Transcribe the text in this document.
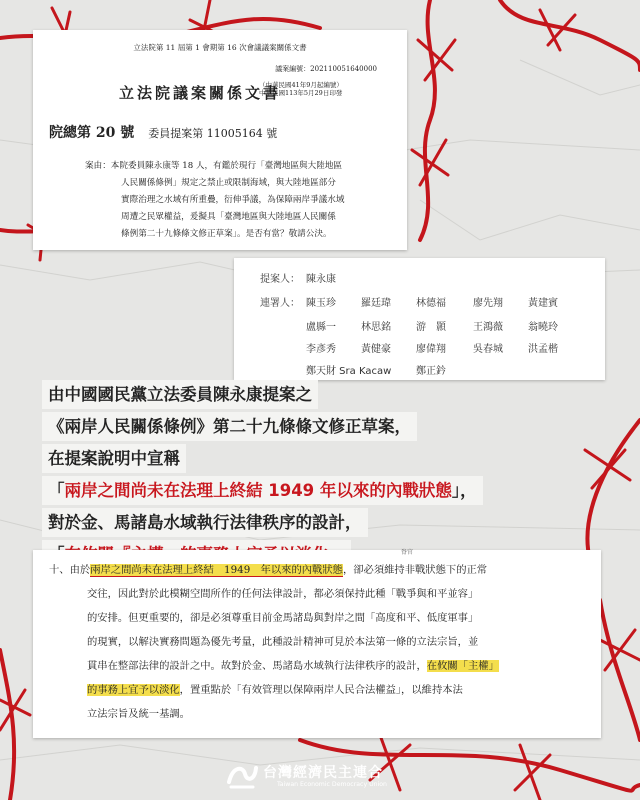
立法院第 11 屆第 1 會期第 16 次會議議案關係文書
議案編號：202110051640000
立法院議案關係文書
（中華民國41年9月起編號）
中華民國113年5月29日印發
院總第 20 號 委員提案第 11005164 號
案由：本院委員陳永康等 18 人，有鑑於現行「臺灣地區與大陸地區
人民關係條例」規定之禁止或限制海域，與大陸地區部分
實際治理之水域有所重疊，衍伸爭議，為保障兩岸爭議水域
周遭之民眾權益，爰擬具「臺灣地區與大陸地區人民關係
條例第二十九條條文修正草案」。是否有當？敬請公決。
提案人： 陳永康
連署人： 陳玉珍	羅廷瑋	林德福	廖先翔	黃建賓
盧縣一	林思銘	游　顥	王鴻薇	翁曉玲
李彥秀	黃健豪	廖偉翔	吳春城	洪孟楷
鄭天財 Sra Kacaw 鄭正鈐
由中國國民黨立法委員陳永康提案之
《兩岸人民關係條例》第二十九條條文修正草案，
在提案說明中宣稱
「兩岸之間尚未在法理上終結 1949 年以來的內戰狀態」，
對於金、馬諸島水域執行法律秩序的設計，
脊官
十、由於兩岸之間尚未在法理上終結　1949　年以來的內戰狀態，卻必須維持非戰狀態下的正常
交往，因此對於此模糊空間所作的任何法律設計，都必須保持此種「戰爭與和平並容」
的安排。但更重要的，卻是必須尊重目前金馬諸島與對岸之間「高度和平、低度軍事」
的現實，以解決實務問題為優先考量，此種設計精神可見於本法第一條的立法宗旨，並
貫串在整部法律的設計之中。故對於金、馬諸島水域執行法律秩序的設計，在攸關「主權」
的事務上宜予以淡化，置重點於「有效管理以保障兩岸人民合法權益」，以維持本法
立法宗旨及統一基調。
台灣經濟民主連合
Taiwan Economic Democracy Union
